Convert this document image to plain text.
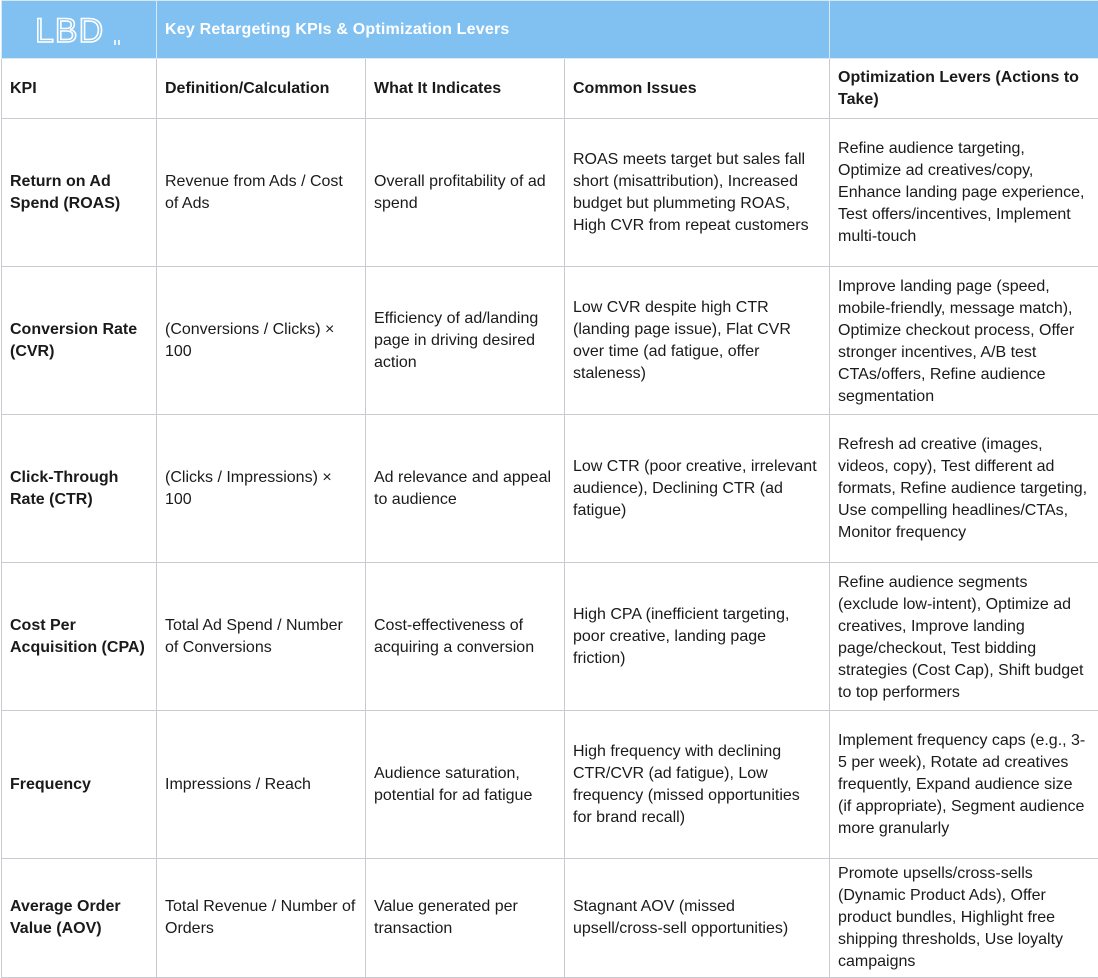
LBD	Key Retargeting KPIs & Optimization Levers			
KPI	Definition/Calculation	What It Indicates	Common Issues	Optimization Levers (Actions to Take)
Return on Ad Spend (ROAS)	Revenue from Ads / Cost of Ads	Overall profitability of ad spend	ROAS meets target but sales fall short (misattribution), Increased budget but plummeting ROAS, High CVR from repeat customers	Refine audience targeting, Optimize ad creatives/copy, Enhance landing page experience, Test offers/incentives, Implement multi-touch

Conversion Rate (CVR)	(Conversions / Clicks) × 100	Efficiency of ad/landing page in driving desired action	Low CVR despite high CTR (landing page issue), Flat CVR over time (ad fatigue, offer staleness)	Improve landing page (speed, mobile-friendly, message match), Optimize checkout process, Offer stronger incentives, A/B test CTAs/offers, Refine audience segmentation

Click-Through Rate (CTR)	(Clicks / Impressions) × 100	Ad relevance and appeal to audience	Low CTR (poor creative, irrelevant audience), Declining CTR (ad fatigue)	Refresh ad creative (images, videos, copy), Test different ad formats, Refine audience targeting, Use compelling headlines/CTAs, Monitor frequency

Cost Per Acquisition (CPA)	Total Ad Spend / Number of Conversions	Cost-effectiveness of acquiring a conversion	High CPA (inefficient targeting, poor creative, landing page friction)	Refine audience segments (exclude low-intent), Optimize ad creatives, Improve landing page/checkout, Test bidding strategies (Cost Cap), Shift budget to top performers

Frequency	Impressions / Reach	Audience saturation, potential for ad fatigue	High frequency with declining CTR/CVR (ad fatigue), Low frequency (missed opportunities for brand recall)	Implement frequency caps (e.g., 3-5 per week), Rotate ad creatives frequently, Expand audience size (if appropriate), Segment audience more granularly

Average Order Value (AOV)	Total Revenue / Number of Orders	Value generated per transaction	Stagnant AOV (missed upsell/cross-sell opportunities)	Promote upsells/cross-sells (Dynamic Product Ads), Offer product bundles, Highlight free shipping thresholds, Use loyalty campaigns
